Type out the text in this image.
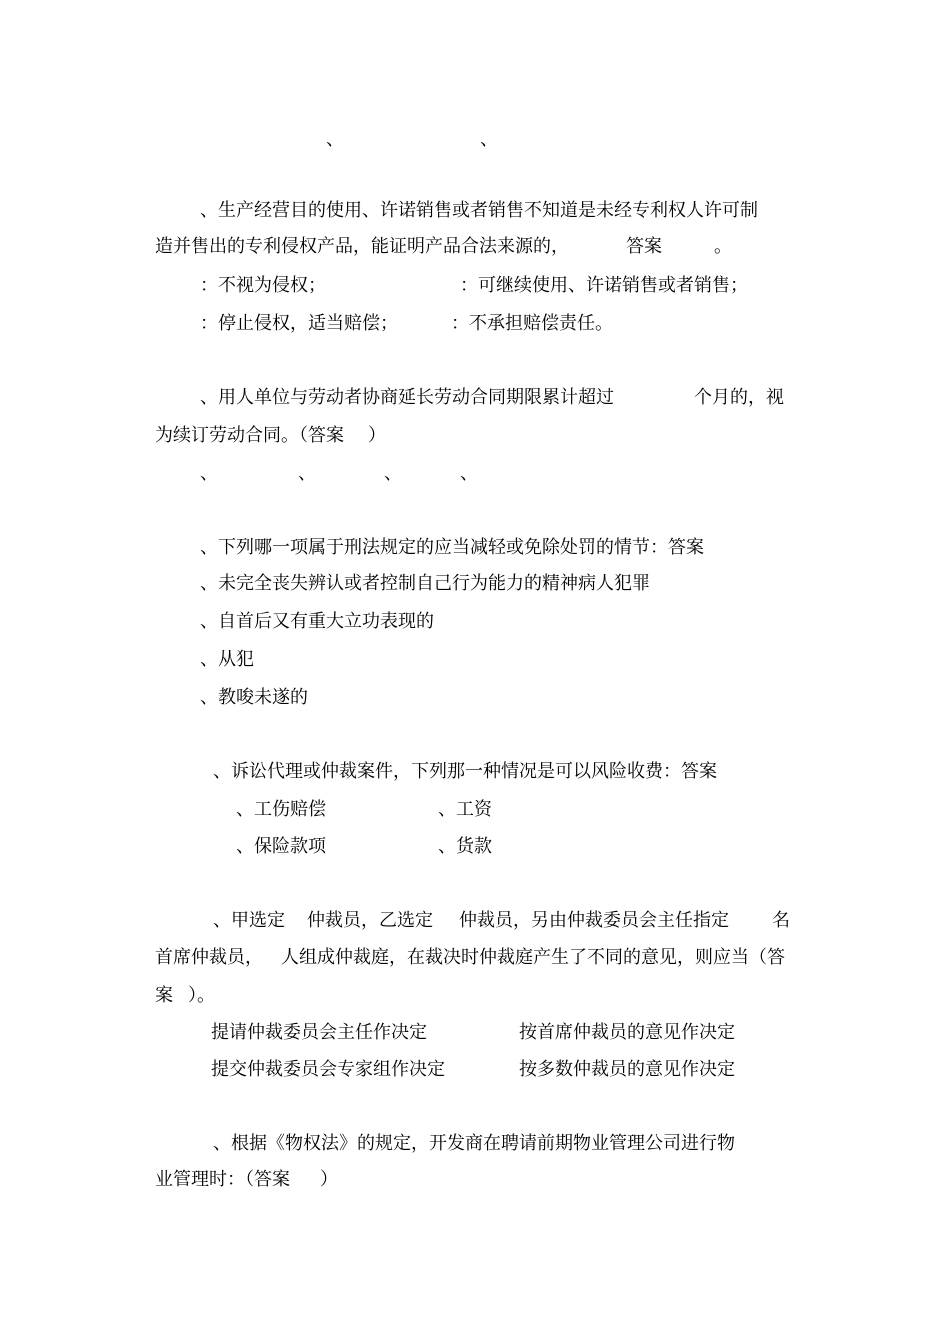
、	、
、生产经营目的使用、许诺销售或者销售不知道是未经专利权人许可制
造并售出的专利侵权产品，能证明产品合法来源的，	答案	。
：不视为侵权；	：可继续使用、许诺销售或者销售；
：停止侵权，适当赔偿；	：不承担赔偿责任。
、用人单位与劳动者协商延长劳动合同期限累计超过	个月的，视
为续订劳动合同。（答案 ）
、	、	、	、
、下列哪一项属于刑法规定的应当减轻或免除处罚的情节：答案
、未完全丧失辨认或者控制自己行为能力的精神病人犯罪
、自首后又有重大立功表现的
、从犯
、教唆未遂的
、诉讼代理或仲裁案件，下列那一种情况是可以风险收费：答案
、工伤赔偿	、工资
、保险款项	、货款
、甲选定 仲裁员，乙选定 仲裁员，另由仲裁委员会主任指定 名
首席仲裁员， 人组成仲裁庭，在裁决时仲裁庭产生了不同的意见，则应当（答
案 ）。
提请仲裁委员会主任作决定	按首席仲裁员的意见作决定
提交仲裁委员会专家组作决定	按多数仲裁员的意见作决定
、根据《物权法》的规定，开发商在聘请前期物业管理公司进行物
业管理时：（答案 ）
